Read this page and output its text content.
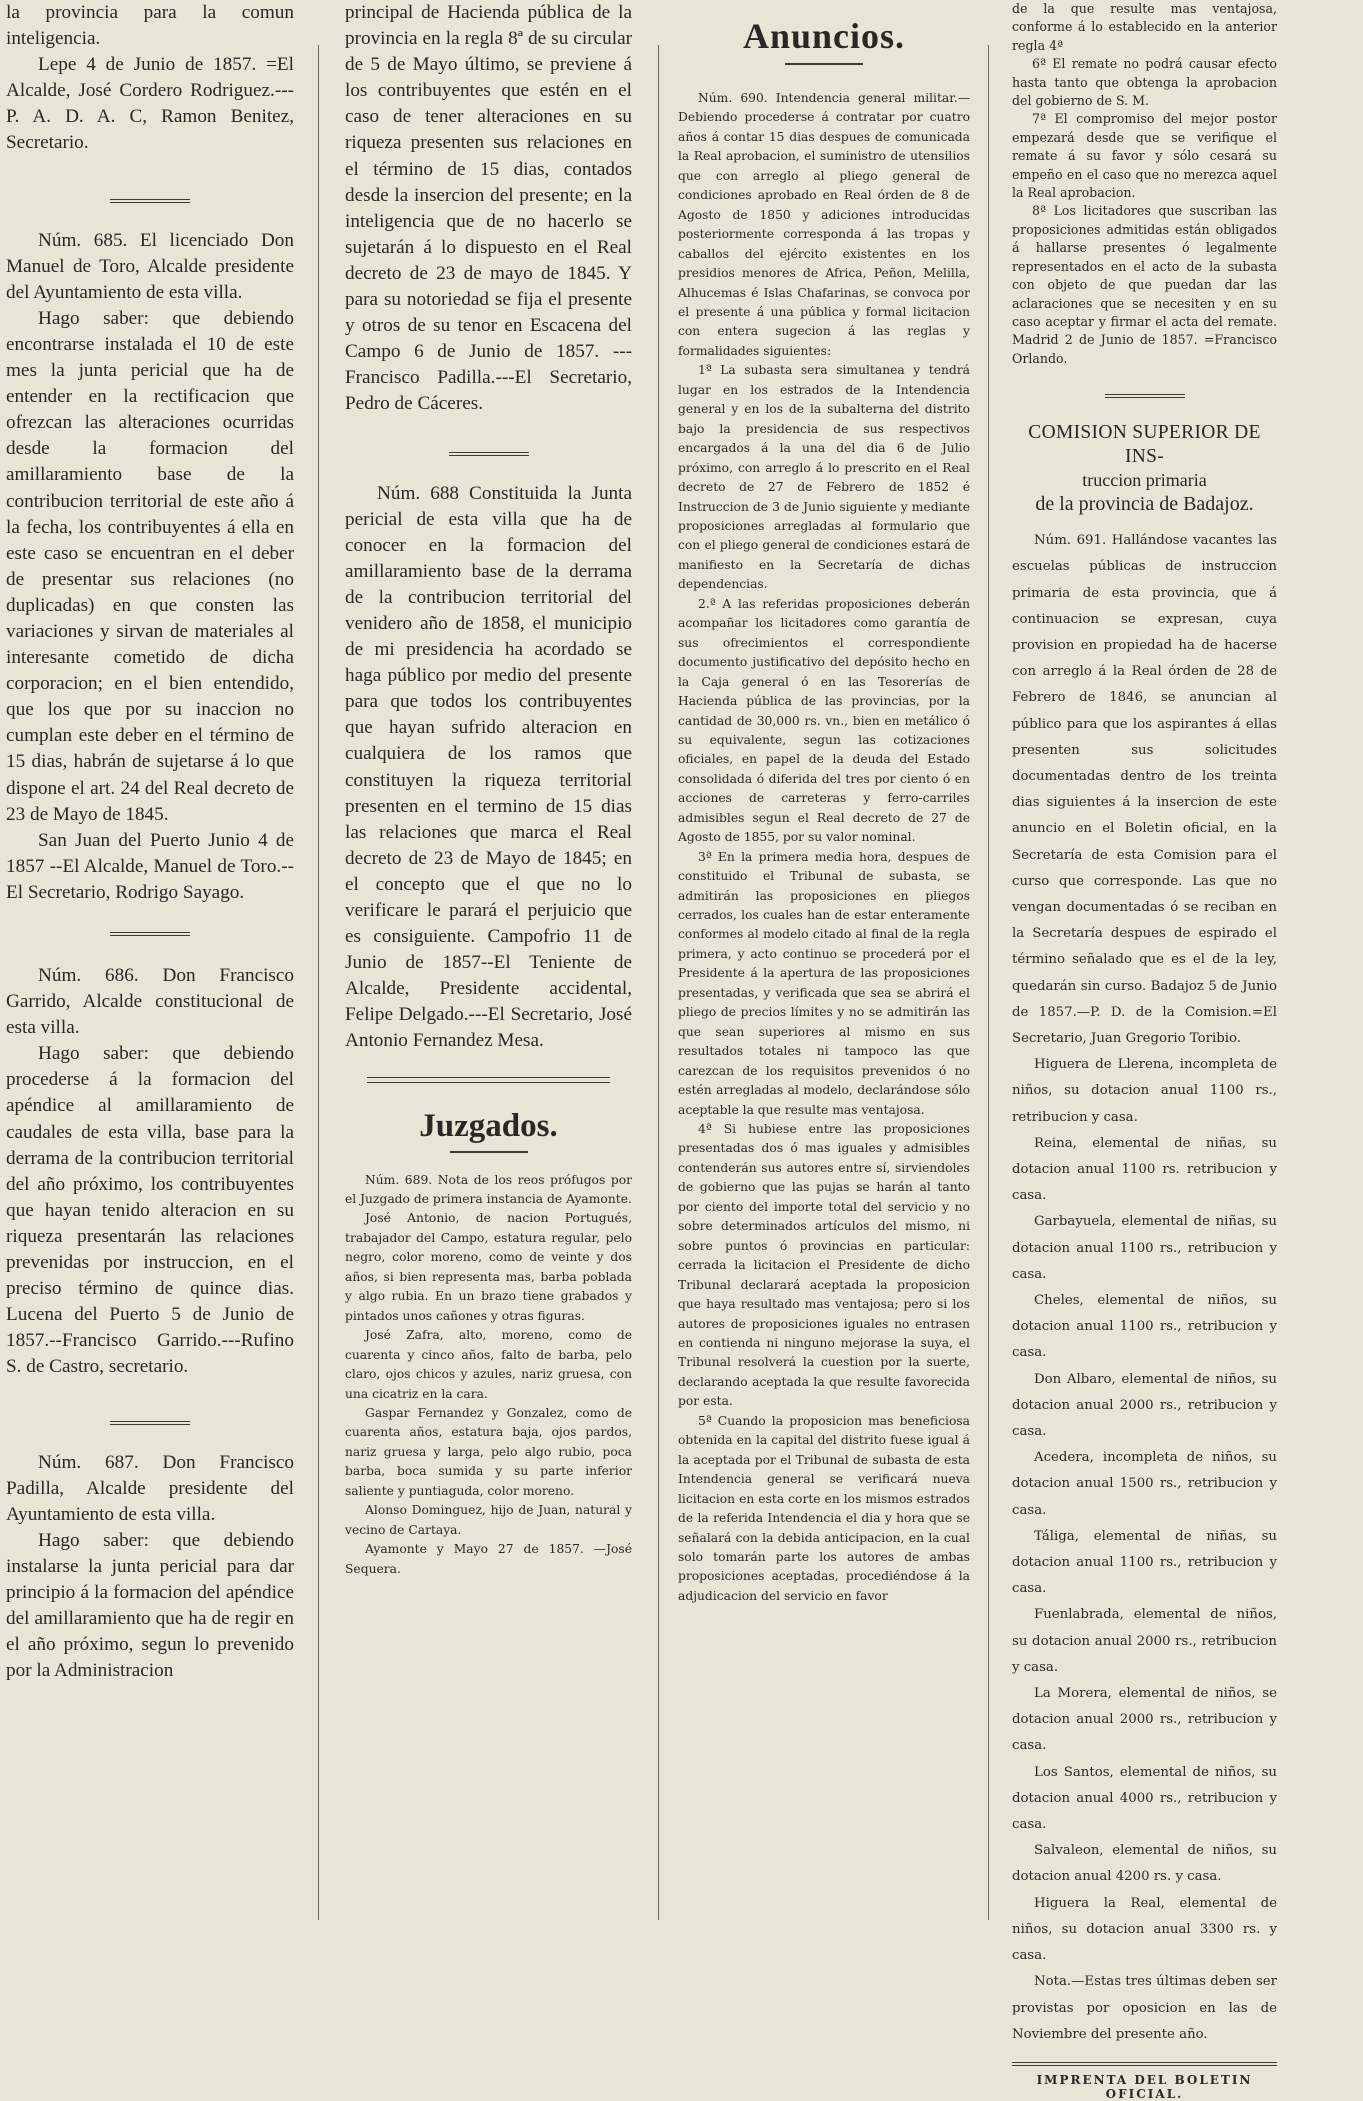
la provincia para la comun inteligencia.

Lepe 4 de Junio de 1857. =El Alcalde, José Cordero Rodriguez.---P. A. D. A. C, Ramon Benitez, Secretario.

Núm. 685. El licenciado Don Manuel de Toro, Alcalde presidente del Ayuntamiento de esta villa.

Hago saber: que debiendo encontrarse instalada el 10 de este mes la junta pericial que ha de entender en la rectificacion que ofrezcan las alteraciones ocurridas desde la formacion del amillaramiento base de la contribucion territorial de este año á la fecha, los contribuyentes á ella en este caso se encuentran en el deber de presentar sus relaciones (no duplicadas) en que consten las variaciones y sirvan de materiales al interesante cometido de dicha corporacion; en el bien entendido, que los que por su inaccion no cumplan este deber en el término de 15 dias, habrán de sujetarse á lo que dispone el art. 24 del Real decreto de 23 de Mayo de 1845.

San Juan del Puerto Junio 4 de 1857 --El Alcalde, Manuel de Toro.--El Secretario, Rodrigo Sayago.

Núm. 686. Don Francisco Garrido, Alcalde constitucional de esta villa.

Hago saber: que debiendo procederse á la formacion del apéndice al amillaramiento de caudales de esta villa, base para la derrama de la contribucion territorial del año próximo, los contribuyentes que hayan tenido alteracion en su riqueza presentarán las relaciones prevenidas por instruccion, en el preciso término de quince dias. Lucena del Puerto 5 de Junio de 1857.--Francisco Garrido.---Rufino S. de Castro, secretario.

Núm. 687. Don Francisco Padilla, Alcalde presidente del Ayuntamiento de esta villa.

Hago saber: que debiendo instalarse la junta pericial para dar principio á la formacion del apéndice del amillaramiento que ha de regir en el año próximo, segun lo prevenido por la Administracion

principal de Hacienda pública de la provincia en la regla 8ª de su circular de 5 de Mayo último, se previene á los contribuyentes que estén en el caso de tener alteraciones en su riqueza presenten sus relaciones en el término de 15 dias, contados desde la insercion del presente; en la inteligencia que de no hacerlo se sujetarán á lo dispuesto en el Real decreto de 23 de mayo de 1845. Y para su notoriedad se fija el presente y otros de su tenor en Escacena del Campo 6 de Junio de 1857. ---Francisco Padilla.---El Secretario, Pedro de Cáceres.

Núm. 688 Constituida la Junta pericial de esta villa que ha de conocer en la formacion del amillaramiento base de la derrama de la contribucion territorial del venidero año de 1858, el municipio de mi presidencia ha acordado se haga público por medio del presente para que todos los contribuyentes que hayan sufrido alteracion en cualquiera de los ramos que constituyen la riqueza territorial presenten en el termino de 15 dias las relaciones que marca el Real decreto de 23 de Mayo de 1845; en el concepto que el que no lo verificare le parará el perjuicio que es consiguiente. Campofrio 11 de Junio de 1857--El Teniente de Alcalde, Presidente accidental, Felipe Delgado.---El Secretario, José Antonio Fernandez Mesa.

Juzgados.

Núm. 689. Nota de los reos prófugos por el Juzgado de primera instancia de Ayamonte.

José Antonio, de nacion Portugués, trabajador del Campo, estatura regular, pelo negro, color moreno, como de veinte y dos años, si bien representa mas, barba poblada y algo rubia. En un brazo tiene grabados y pintados unos cañones y otras figuras.

José Zafra, alto, moreno, como de cuarenta y cinco años, falto de barba, pelo claro, ojos chicos y azules, nariz gruesa, con una cicatriz en la cara.

Gaspar Fernandez y Gonzalez, como de cuarenta años, estatura baja, ojos pardos, nariz gruesa y larga, pelo algo rubio, poca barba, boca sumida y su parte inferior saliente y puntiaguda, color moreno.

Alonso Dominguez, hijo de Juan, natural y vecino de Cartaya.

Ayamonte y Mayo 27 de 1857. —José Sequera.

Anuncios.

Núm. 690. Intendencia general militar.—Debiendo procederse á contratar por cuatro años á contar 15 dias despues de comunicada la Real aprobacion, el suministro de utensilios que con arreglo al pliego general de condiciones aprobado en Real órden de 8 de Agosto de 1850 y adiciones introducidas posteriormente corresponda á las tropas y caballos del ejército existentes en los presidios menores de Africa, Peñon, Melilla, Alhucemas é Islas Chafarinas, se convoca por el presente á una pública y formal licitacion con entera sugecion á las reglas y formalidades siguientes:

1ª La subasta sera simultanea y tendrá lugar en los estrados de la Intendencia general y en los de la subalterna del distrito bajo la presidencia de sus respectivos encargados á la una del dia 6 de Julio próximo, con arreglo á lo prescrito en el Real decreto de 27 de Febrero de 1852 é Instruccion de 3 de Junio siguiente y mediante proposiciones arregladas al formulario que con el pliego general de condiciones estará de manifiesto en la Secretaría de dichas dependencias.

2.ª A las referidas proposiciones deberán acompañar los licitadores como garantía de sus ofrecimientos el correspondiente documento justificativo del depósito hecho en la Caja general ó en las Tesorerías de Hacienda pública de las provincias, por la cantidad de 30,000 rs. vn., bien en metálico ó su equivalente, segun las cotizaciones oficiales, en papel de la deuda del Estado consolidada ó diferida del tres por ciento ó en acciones de carreteras y ferro-carriles admisibles segun el Real decreto de 27 de Agosto de 1855, por su valor nominal.

3ª En la primera media hora, despues de constituido el Tribunal de subasta, se admitirán las proposiciones en pliegos cerrados, los cuales han de estar enteramente conformes al modelo citado al final de la regla primera, y acto continuo se procederá por el Presidente á la apertura de las proposiciones presentadas, y verificada que sea se abrirá el pliego de precios límites y no se admitirán las que sean superiores al mismo en sus resultados totales ni tampoco las que carezcan de los requisitos prevenidos ó no estén arregladas al modelo, declarándose sólo aceptable la que resulte mas ventajosa.

4ª Si hubiese entre las proposiciones presentadas dos ó mas iguales y admisibles contenderán sus autores entre sí, sirviendoles de gobierno que las pujas se harán al tanto por ciento del importe total del servicio y no sobre determinados artículos del mismo, ni sobre puntos ó provincias en particular: cerrada la licitacion el Presidente de dicho Tribunal declarará aceptada la proposicion que haya resultado mas ventajosa; pero si los autores de proposiciones iguales no entrasen en contienda ni ninguno mejorase la suya, el Tribunal resolverá la cuestion por la suerte, declarando aceptada la que resulte favorecida por esta.

5ª Cuando la proposicion mas beneficiosa obtenida en la capital del distrito fuese igual á la aceptada por el Tribunal de subasta de esta Intendencia general se verificará nueva licitacion en esta corte en los mismos estrados de la referida Intendencia el dia y hora que se señalará con la debida anticipacion, en la cual solo tomarán parte los autores de ambas proposiciones aceptadas, procediéndose á la adjudicacion del servicio en favor

de la que resulte mas ventajosa, conforme á lo establecido en la anterior regla 4ª

6ª El remate no podrá causar efecto hasta tanto que obtenga la aprobacion del gobierno de S. M.

7ª El compromiso del mejor postor empezará desde que se verifique el remate á su favor y sólo cesará su empeño en el caso que no merezca aquel la Real aprobacion.

8ª Los licitadores que suscriban las proposiciones admitidas están obligados á hallarse presentes ó legalmente representados en el acto de la subasta con objeto de que puedan dar las aclaraciones que se necesiten y en su caso aceptar y firmar el acta del remate. Madrid 2 de Junio de 1857. =Francisco Orlando.

COMISION SUPERIOR DE INS-
truccion primaria
de la provincia de Badajoz.

Núm. 691. Hallándose vacantes las escuelas públicas de instruccion primaria de esta provincia, que á continuacion se expresan, cuya provision en propiedad ha de hacerse con arreglo á la Real órden de 28 de Febrero de 1846, se anuncian al público para que los aspirantes á ellas presenten sus solicitudes documentadas dentro de los treinta dias siguientes á la insercion de este anuncio en el Boletin oficial, en la Secretaría de esta Comision para el curso que corresponde. Las que no vengan documentadas ó se reciban en la Secretaría despues de espirado el término señalado que es el de la ley, quedarán sin curso. Badajoz 5 de Junio de 1857.—P. D. de la Comision.=El Secretario, Juan Gregorio Toribio.

Higuera de Llerena, incompleta de niños, su dotacion anual 1100 rs., retribucion y casa.

Reina, elemental de niñas, su dotacion anual 1100 rs. retribucion y casa.

Garbayuela, elemental de niñas, su dotacion anual 1100 rs., retribucion y casa.

Cheles, elemental de niños, su dotacion anual 1100 rs., retribucion y casa.

Don Albaro, elemental de niños, su dotacion anual 2000 rs., retribucion y casa.

Acedera, incompleta de niños, su dotacion anual 1500 rs., retribucion y casa.

Táliga, elemental de niñas, su dotacion anual 1100 rs., retribucion y casa.

Fuenlabrada, elemental de niños, su dotacion anual 2000 rs., retribucion y casa.

La Morera, elemental de niños, se dotacion anual 2000 rs., retribucion y casa.

Los Santos, elemental de niños, su dotacion anual 4000 rs., retribucion y casa.

Salvaleon, elemental de niños, su dotacion anual 4200 rs. y casa.

Higuera la Real, elemental de niños, su dotacion anual 3300 rs. y casa.

Nota.—Estas tres últimas deben ser provistas por oposicion en las de Noviembre del presente año.

IMPRENTA DEL BOLETIN OFICIAL.
